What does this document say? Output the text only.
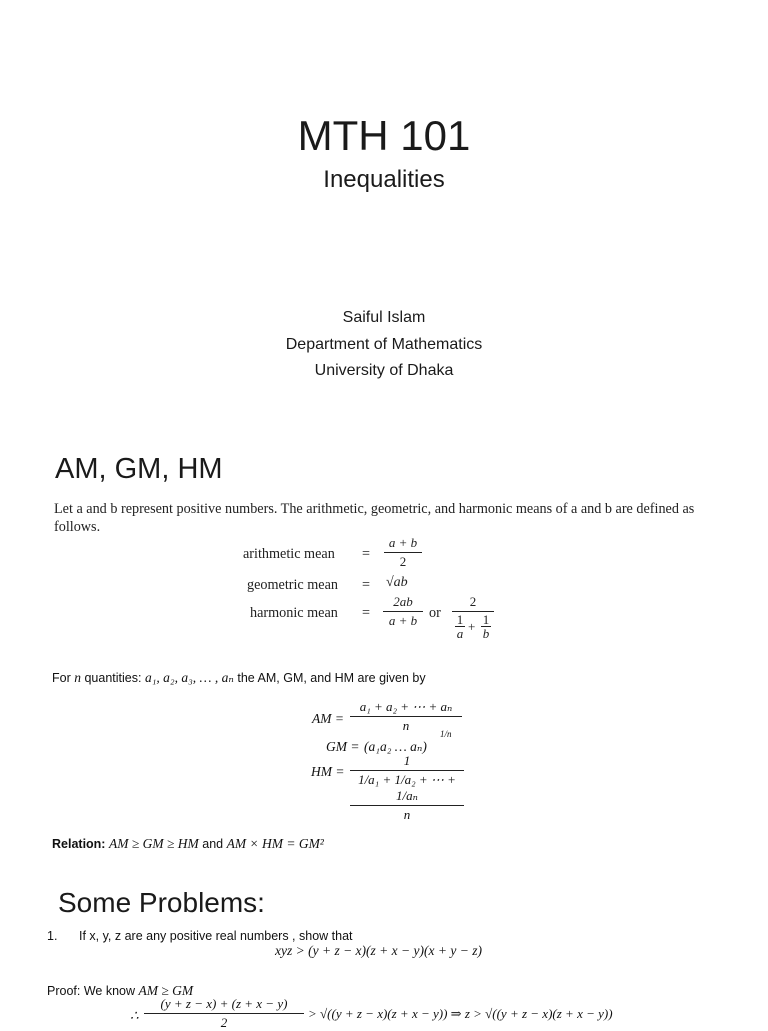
MTH 101
Inequalities
Saiful Islam
Department of Mathematics
University of Dhaka
AM, GM, HM
Let a and b represent positive numbers. The arithmetic, geometric, and harmonic means of a and b are defined as follows.
arithmetic mean =
a + b
2
geometric mean = √ab
harmonic mean =
2ab
a + b or
2
1
a + 1
b
For n quantities: a₁, a₂, a₃, … , aₙ the AM, GM, and HM are given by
AM =
a₁ + a₂ + ⋯ + aₙ
n
GM = (a₁a₂ … aₙ)
1/n
HM =
1
1/a₁ + 1/a₂ + ⋯ + 1/aₙ
n
Relation: AM ≥ GM ≥ HM and AM × HM = GM²
Some Problems:
1. If x, y, z are any positive real numbers , show that
xyz > (y + z − x)(z + x − y)(x + y − z)
Proof: We know AM ≥ GM
∴
(y + z − x) + (z + x − y)
2
> √((y + z − x)(z + x − y)) ⇒ z > √((y + z − x)(z + x − y))
